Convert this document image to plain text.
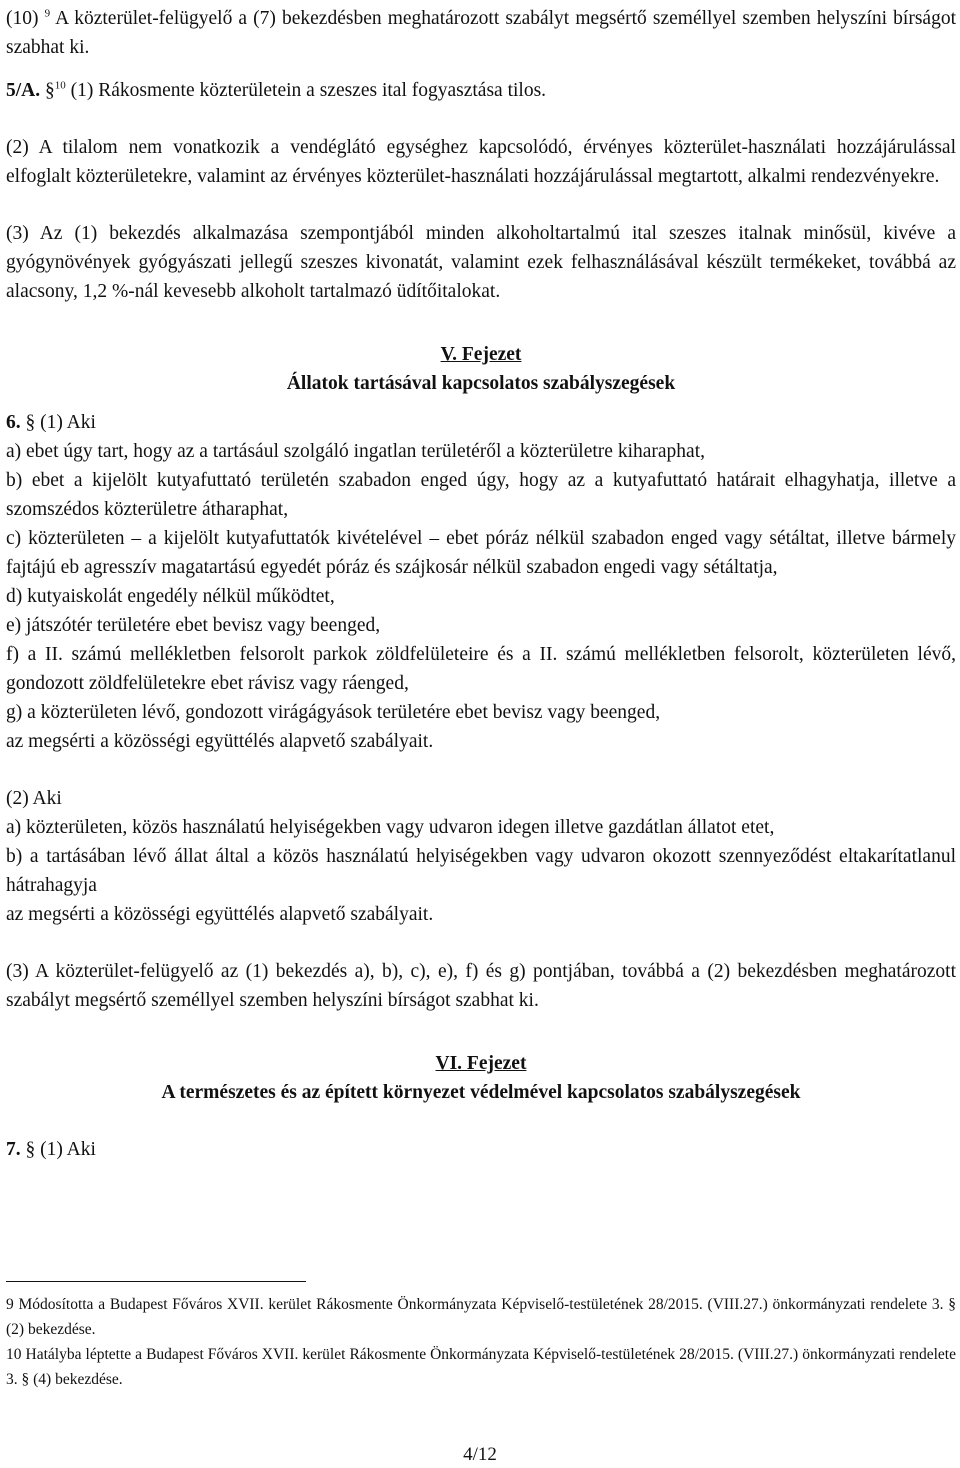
(10) $^9$ A közterület-felügyelő a (7) bekezdésben meghatározott szabályt megsértő személlyel szemben helyszíni bírságot szabhat ki.

5/A. §$^{10}$ (1) Rákosmente közterületein a szeszes ital fogyasztása tilos.

(2) A tilalom nem vonatkozik a vendéglátó egységhez kapcsolódó, érvényes közterület-használati hozzájárulással elfoglalt közterületekre, valamint az érvényes közterület-használati hozzájárulással megtartott, alkalmi rendezvényekre.

(3) Az (1) bekezdés alkalmazása szempontjából minden alkoholtartalmú ital szeszes italnak minősül, kivéve a gyógynövények gyógyászati jellegű szeszes kivonatát, valamint ezek felhasználásával készült termékeket, továbbá az alacsony, 1,2 %-nál kevesebb alkoholt tartalmazó üdítőitalokat.

V. Fejezet

Állatok tartásával kapcsolatos szabályszegések

6. § (1) Aki

a) ebet úgy tart, hogy az a tartásául szolgáló ingatlan területéről a közterületre kiharaphat,

b) ebet a kijelölt kutyafuttató területén szabadon enged úgy, hogy az a kutyafuttató határait elhagyhatja, illetve a szomszédos közterületre átharaphat,

c) közterületen – a kijelölt kutyafuttatók kivételével – ebet póráz nélkül szabadon enged vagy sétáltat, illetve bármely fajtájú eb agresszív magatartású egyedét póráz és szájkosár nélkül szabadon engedi vagy sétáltatja,

d) kutyaiskolát engedély nélkül működtet,

e) játszótér területére ebet bevisz vagy beenged,

f) a II. számú mellékletben felsorolt parkok zöldfelületeire és a II. számú mellékletben felsorolt, közterületen lévő, gondozott zöldfelületekre ebet rávisz vagy ráenged,

g) a közterületen lévő, gondozott virágágyások területére ebet bevisz vagy beenged,

az megsérti a közösségi együttélés alapvető szabályait.

(2) Aki

a) közterületen, közös használatú helyiségekben vagy udvaron idegen illetve gazdátlan állatot etet,

b) a tartásában lévő állat által a közös használatú helyiségekben vagy udvaron okozott szennyeződést eltakarítatlanul hátrahagyja

az megsérti a közösségi együttélés alapvető szabályait.

(3) A közterület-felügyelő az (1) bekezdés a), b), c), e), f) és g) pontjában, továbbá a (2) bekezdésben meghatározott szabályt megsértő személlyel szemben helyszíni bírságot szabhat ki.

VI. Fejezet

A természetes és az épített környezet védelmével kapcsolatos szabályszegések

7. § (1) Aki

9 Módosította a Budapest Főváros XVII. kerület Rákosmente Önkormányzata Képviselő-testületének 28/2015. (VIII.27.) önkormányzati rendelete 3. § (2) bekezdése.

10 Hatályba léptette a Budapest Főváros XVII. kerület Rákosmente Önkormányzata Képviselő-testületének 28/2015. (VIII.27.) önkormányzati rendelete 3. § (4) bekezdése.

4/12
